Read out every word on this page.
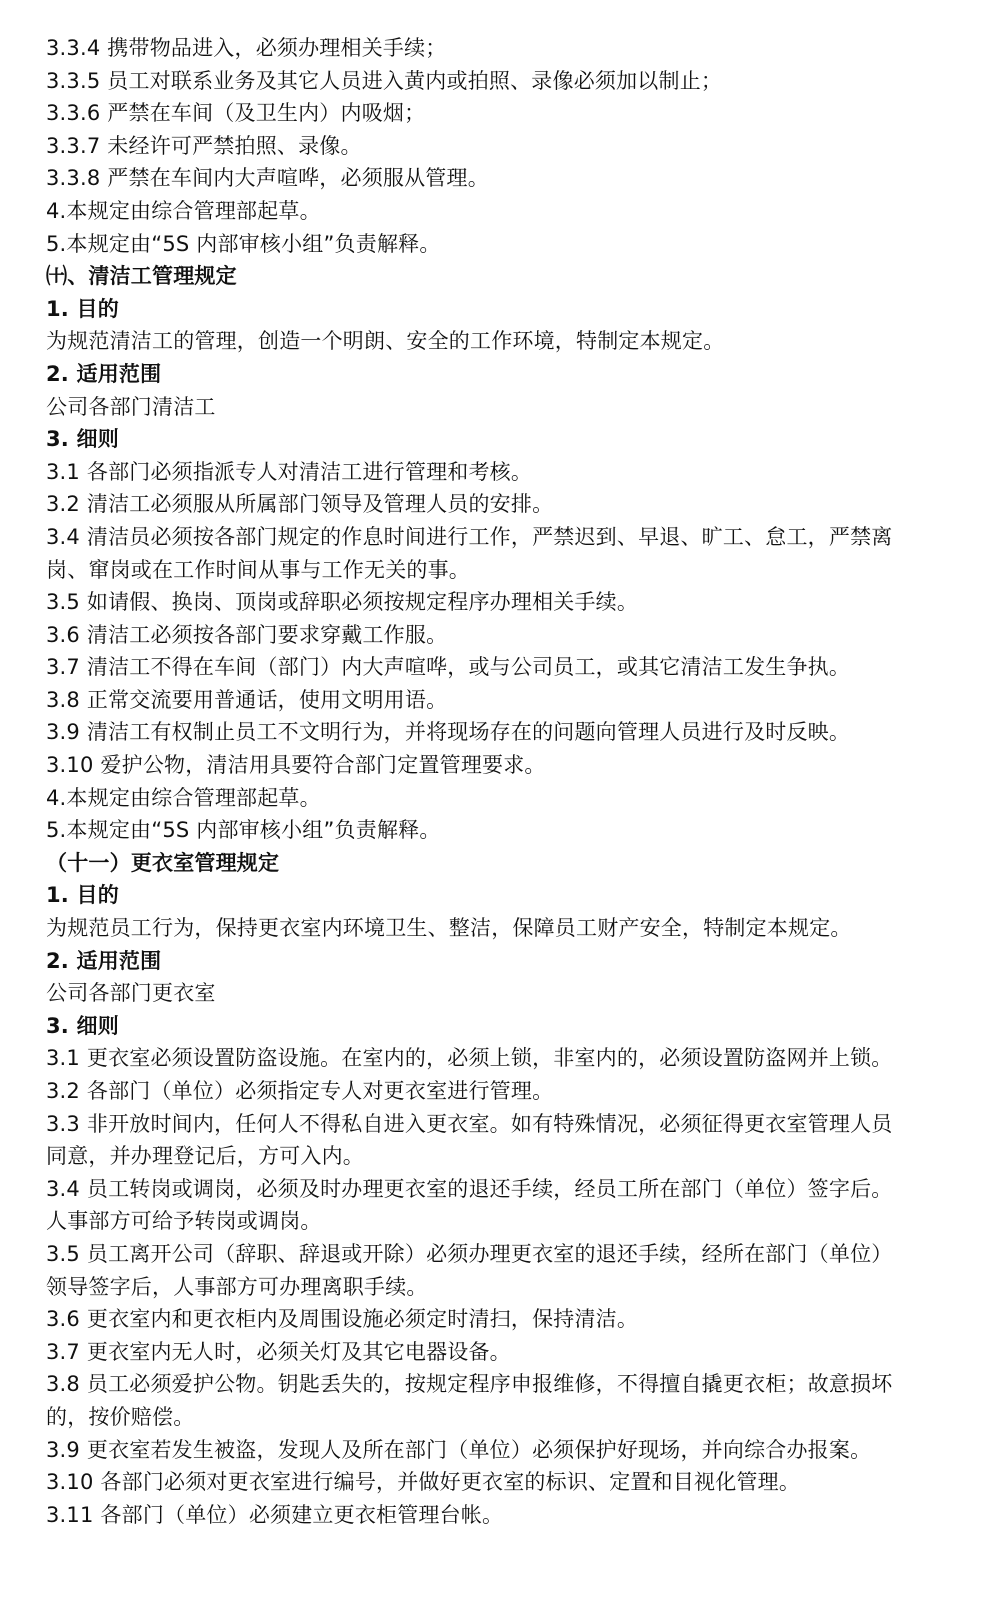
3.3.4 携带物品进入，必须办理相关手续；
3.3.5 员工对联系业务及其它人员进入黄内或拍照、录像必须加以制止；
3.3.6 严禁在车间（及卫生内）内吸烟；
3.3.7 未经许可严禁拍照、录像。
3.3.8 严禁在车间内大声喧哗，必须服从管理。
4.本规定由综合管理部起草。
5.本规定由“5S 内部审核小组”负责解释。
㈩、清洁工管理规定
1. 目的
为规范清洁工的管理，创造一个明朗、安全的工作环境，特制定本规定。
2. 适用范围
公司各部门清洁工
3. 细则
3.1 各部门必须指派专人对清洁工进行管理和考核。
3.2 清洁工必须服从所属部门领导及管理人员的安排。
3.4 清洁员必须按各部门规定的作息时间进行工作，严禁迟到、早退、旷工、怠工，严禁离
岗、窜岗或在工作时间从事与工作无关的事。
3.5 如请假、换岗、顶岗或辞职必须按规定程序办理相关手续。
3.6 清洁工必须按各部门要求穿戴工作服。
3.7 清洁工不得在车间（部门）内大声喧哗，或与公司员工，或其它清洁工发生争执。
3.8 正常交流要用普通话，使用文明用语。
3.9 清洁工有权制止员工不文明行为，并将现场存在的问题向管理人员进行及时反映。
3.10 爱护公物，清洁用具要符合部门定置管理要求。
4.本规定由综合管理部起草。
5.本规定由“5S 内部审核小组”负责解释。
（十一）更衣室管理规定
1. 目的
为规范员工行为，保持更衣室内环境卫生、整洁，保障员工财产安全，特制定本规定。
2. 适用范围
公司各部门更衣室
3. 细则
3.1 更衣室必须设置防盗设施。在室内的，必须上锁，非室内的，必须设置防盗网并上锁。
3.2 各部门（单位）必须指定专人对更衣室进行管理。
3.3 非开放时间内，任何人不得私自进入更衣室。如有特殊情况，必须征得更衣室管理人员
同意，并办理登记后，方可入内。
3.4 员工转岗或调岗，必须及时办理更衣室的退还手续，经员工所在部门（单位）签字后。
人事部方可给予转岗或调岗。
3.5 员工离开公司（辞职、辞退或开除）必须办理更衣室的退还手续，经所在部门（单位）
领导签字后，人事部方可办理离职手续。
3.6 更衣室内和更衣柜内及周围设施必须定时清扫，保持清洁。
3.7 更衣室内无人时，必须关灯及其它电器设备。
3.8 员工必须爱护公物。钥匙丢失的，按规定程序申报维修，不得擅自撬更衣柜；故意损坏
的，按价赔偿。
3.9 更衣室若发生被盗，发现人及所在部门（单位）必须保护好现场，并向综合办报案。
3.10 各部门必须对更衣室进行编号，并做好更衣室的标识、定置和目视化管理。
3.11 各部门（单位）必须建立更衣柜管理台帐。
